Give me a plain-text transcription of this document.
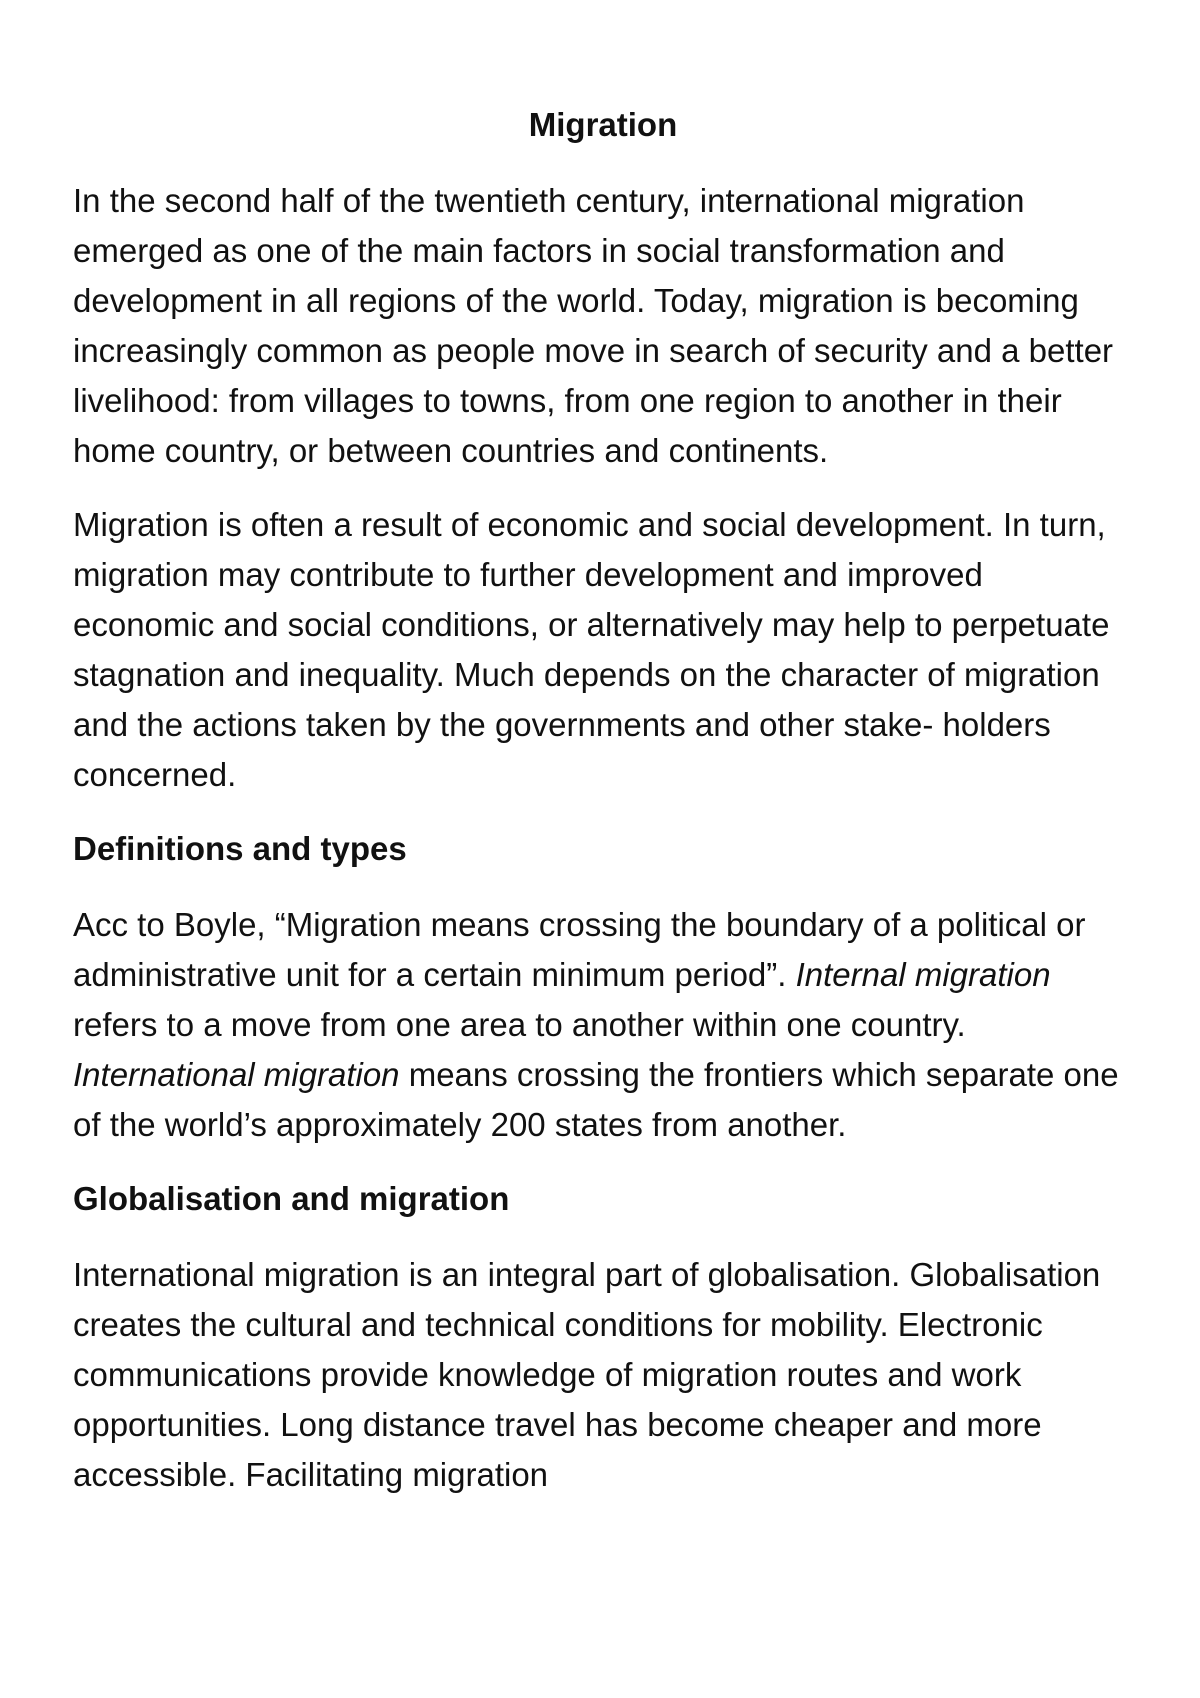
Migration

In the second half of the twentieth century, international migration emerged as one of the main factors in social transformation and development in all regions of the world. Today, migration is becoming increasingly common as people move in search of security and a better livelihood: from villages to towns, from one region to another in their home country, or between countries and continents.

Migration is often a result of economic and social development. In turn, migration may contribute to further development and improved economic and social conditions, or alternatively may help to perpetuate stagnation and inequality. Much depends on the character of migration and the actions taken by the governments and other stake- holders concerned.

Definitions and types

Acc to Boyle, “Migration means crossing the boundary of a political or administrative unit for a certain minimum period”. Internal migration refers to a move from one area to another within one country. International migration means crossing the frontiers which separate one of the world’s approximately 200 states from another.

Globalisation and migration

International migration is an integral part of globalisation. Globalisation creates the cultural and technical conditions for mobility. Electronic communications provide knowledge of migration routes and work opportunities. Long distance travel has become cheaper and more accessible. Facilitating migration
